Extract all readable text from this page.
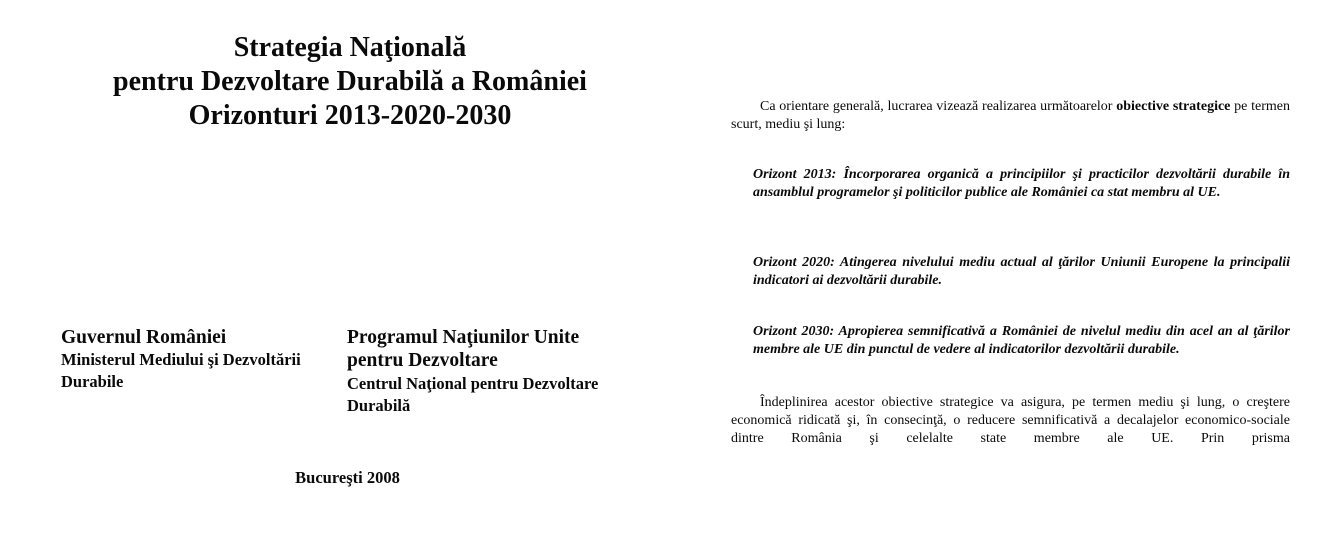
Strategia Naţională
pentru Dezvoltare Durabilă a României
Orizonturi 2013-2020-2030
Guvernul României
Ministerul Mediului şi Dezvoltării Durabile
Programul Naţiunilor Unite
pentru Dezvoltare
Centrul Naţional pentru Dezvoltare Durabilă
Bucureşti 2008

Ca orientare generală, lucrarea vizează realizarea următoarelor obiective strategice pe termen scurt, mediu şi lung:

Orizont 2013: Încorporarea organică a principiilor şi practicilor dezvoltării durabile în ansamblul programelor şi politicilor publice ale României ca stat membru al UE.

Orizont 2020: Atingerea nivelului mediu actual al ţărilor Uniunii Europene la principalii indicatori ai dezvoltării durabile.

Orizont 2030: Apropierea semnificativă a României de nivelul mediu din acel an al ţărilor membre ale UE din punctul de vedere al indicatorilor dezvoltării durabile.

Îndeplinirea acestor obiective strategice va asigura, pe termen mediu şi lung, o creştere economică ridicată şi, în consecinţă, o reducere semnificativă a decalajelor economico-sociale dintre România şi celelalte state membre ale UE. Prin prisma
